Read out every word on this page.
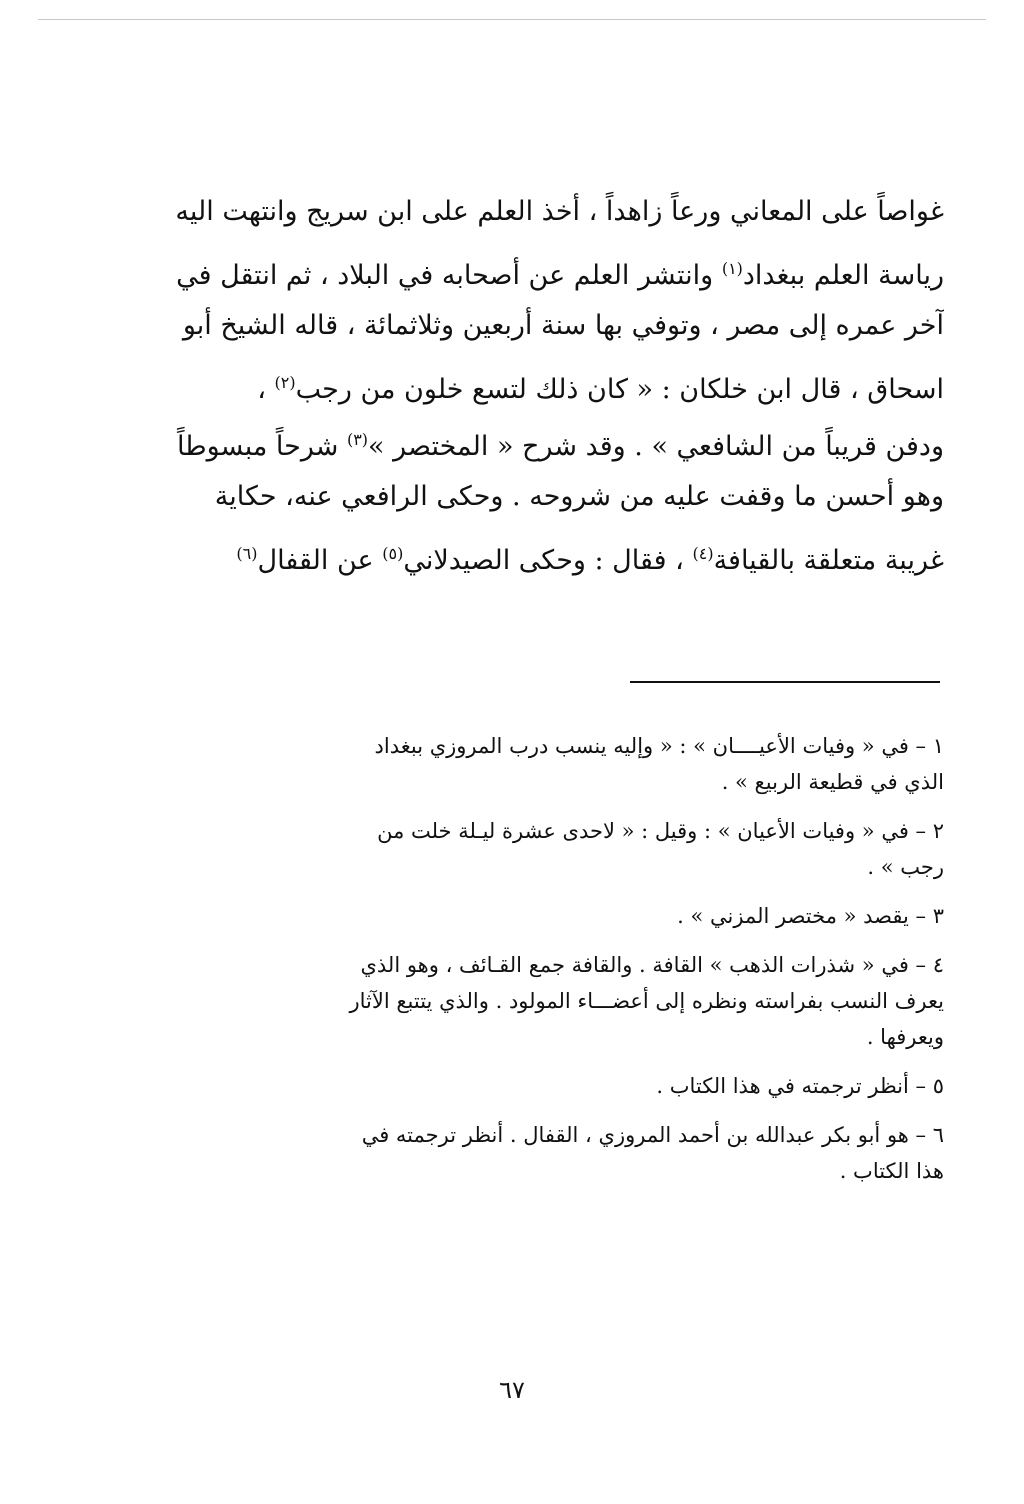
غواصاً على المعاني ورعاً زاهداً ، أخذ العلم على ابن سريج وانتهت اليه
رياسة العلم ببغداد$^{(١)}$ وانتشر العلم عن أصحابه في البلاد ، ثم انتقل في
آخر عمره إلى مصر ، وتوفي بها سنة أربعين وثلاثمائة ، قاله الشيخ أبو
اسحاق ، قال ابن خلكان : « كان ذلك لتسع خلون من رجب$^{(٢)}$ ،
ودفن قريباً من الشافعي » . وقد شرح « المختصر »$^{(٣)}$ شرحاً مبسوطاً
وهو أحسن ما وقفت عليه من شروحه . وحكى الرافعي عنه، حكاية
غريبة متعلقة بالقيافة$^{(٤)}$ ، فقال : وحكى الصيدلاني$^{(٥)}$ عن القفال$^{(٦)}$
١ – في « وفيات الأعيــــان » : « وإليه ينسب درب المروزي ببغداد
الذي في قطيعة الربيع » .
٢ – في « وفيات الأعيان » : وقيل : « لاحدى عشرة ليـلة خلت من
رجب » .
٣ – يقصد « مختصر المزني » .
٤ – في « شذرات الذهب » القافة . والقافة جمع القـائف ، وهو الذي
يعرف النسب بفراسته ونظره إلى أعضـــاء المولود . والذي يتتبع الآثار
ويعرفها .
٥ – أنظر ترجمته في هذا الكتاب .
٦ – هو أبو بكر عبدالله بن أحمد المروزي ، القفال . أنظر ترجمته في
هذا الكتاب .
٦٧
